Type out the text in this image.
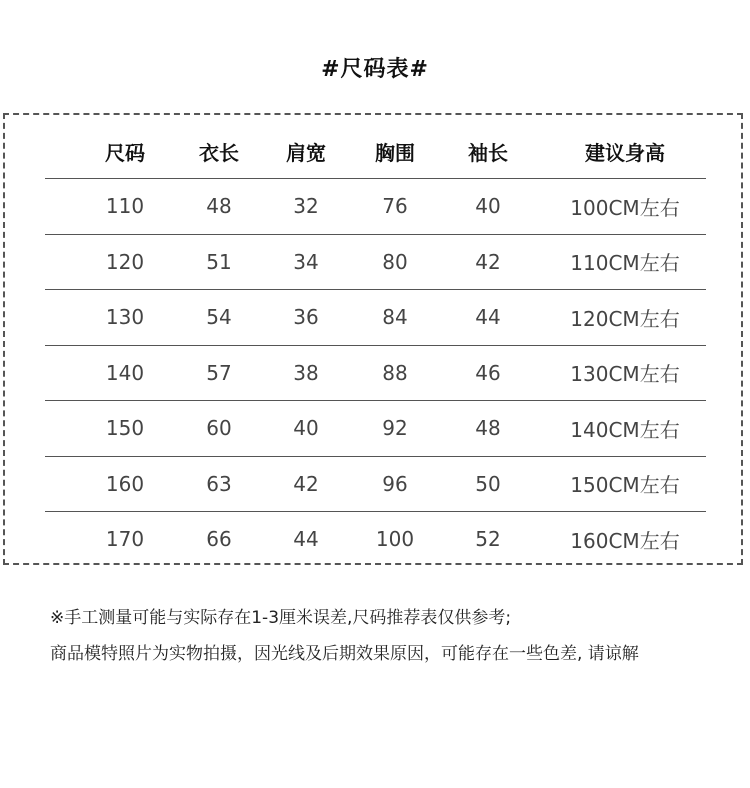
#尺码表#
尺码	衣长	肩宽	胸围	袖长	建议身高
110	48	32	76	40	100CM左右
120	51	34	80	42	110CM左右
130	54	36	84	44	120CM左右
140	57	38	88	46	130CM左右
150	60	40	92	48	140CM左右
160	63	42	96	50	150CM左右
170	66	44	100	52	160CM左右
※手工测量可能与实际存在1-3厘米误差,尺码推荐表仅供参考;
商品模特照片为实物拍摄，因光线及后期效果原因，可能存在一些色差, 请谅解
